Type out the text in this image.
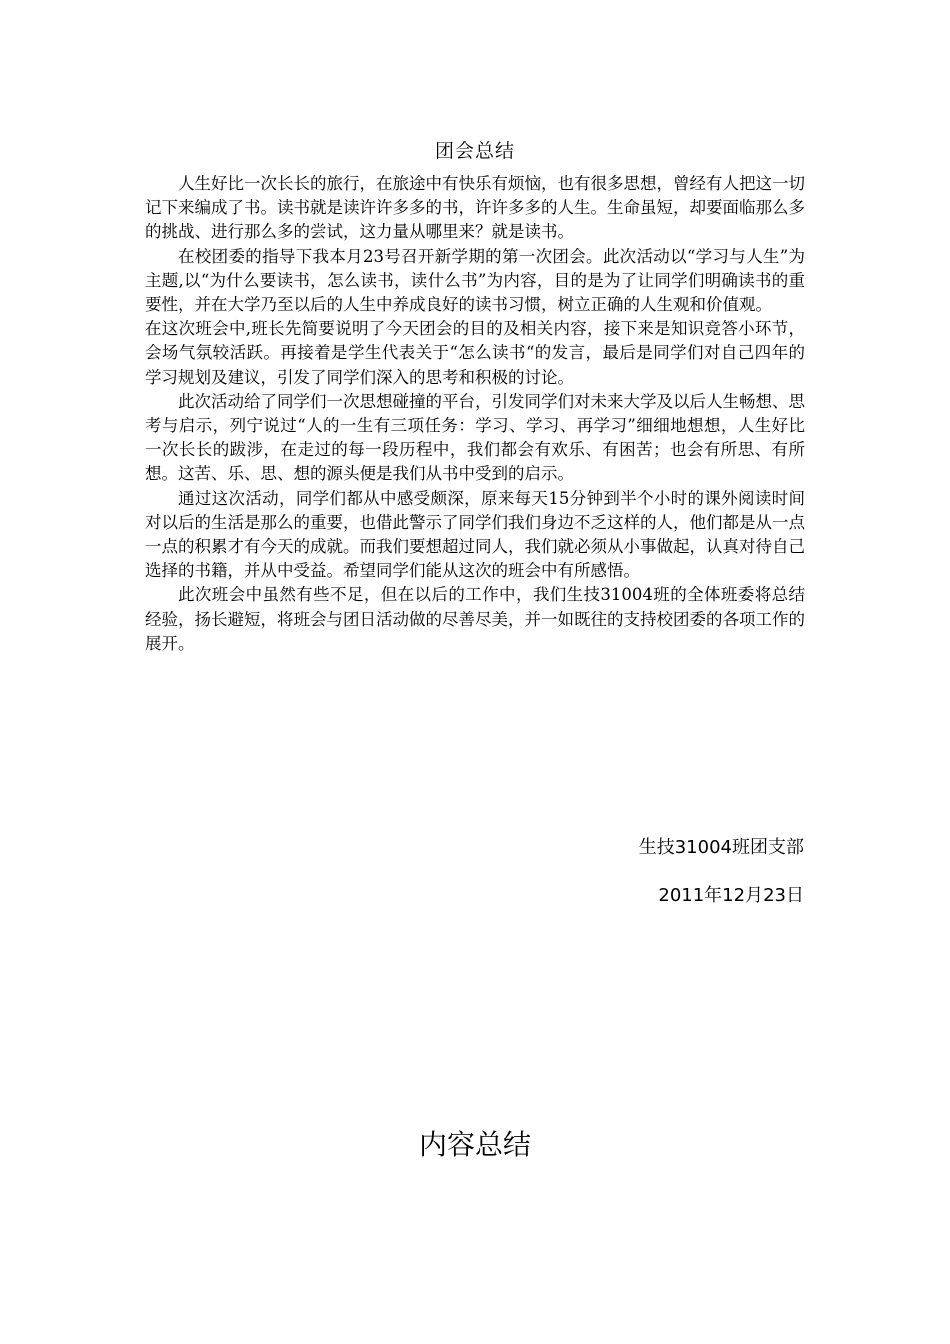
团会总结

人生好比一次长长的旅行，在旅途中有快乐有烦恼，也有很多思想，曾经有人把这一切记下来编成了书。读书就是读许许多多的书，许许多多的人生。生命虽短，却要面临那么多的挑战、进行那么多的尝试，这力量从哪里来？就是读书。

在校团委的指导下我本月23号召开新学期的第一次团会。此次活动以“学习与人生”为主题,以“为什么要读书，怎么读书，读什么书”为内容，目的是为了让同学们明确读书的重要性，并在大学乃至以后的人生中养成良好的读书习惯，树立正确的人生观和价值观。

在这次班会中,班长先简要说明了今天团会的目的及相关内容，接下来是知识竞答小环节，会场气氛较活跃。再接着是学生代表关于“怎么读书“的发言，最后是同学们对自己四年的学习规划及建议，引发了同学们深入的思考和积极的讨论。

此次活动给了同学们一次思想碰撞的平台，引发同学们对未来大学及以后人生畅想、思考与启示，列宁说过“人的一生有三项任务：学习、学习、再学习”细细地想想，人生好比一次长长的跋涉，在走过的每一段历程中，我们都会有欢乐、有困苦；也会有所思、有所想。这苦、乐、思、想的源头便是我们从书中受到的启示。

通过这次活动，同学们都从中感受颇深，原来每天15分钟到半个小时的课外阅读时间对以后的生活是那么的重要，也借此警示了同学们我们身边不乏这样的人，他们都是从一点一点的积累才有今天的成就。而我们要想超过同人，我们就必须从小事做起，认真对待自己选择的书籍，并从中受益。希望同学们能从这次的班会中有所感悟。

此次班会中虽然有些不足，但在以后的工作中，我们生技31004班的全体班委将总结经验，扬长避短，将班会与团日活动做的尽善尽美，并一如既往的支持校团委的各项工作的展开。

生技31004班团支部
2011年12月23日
内容总结
